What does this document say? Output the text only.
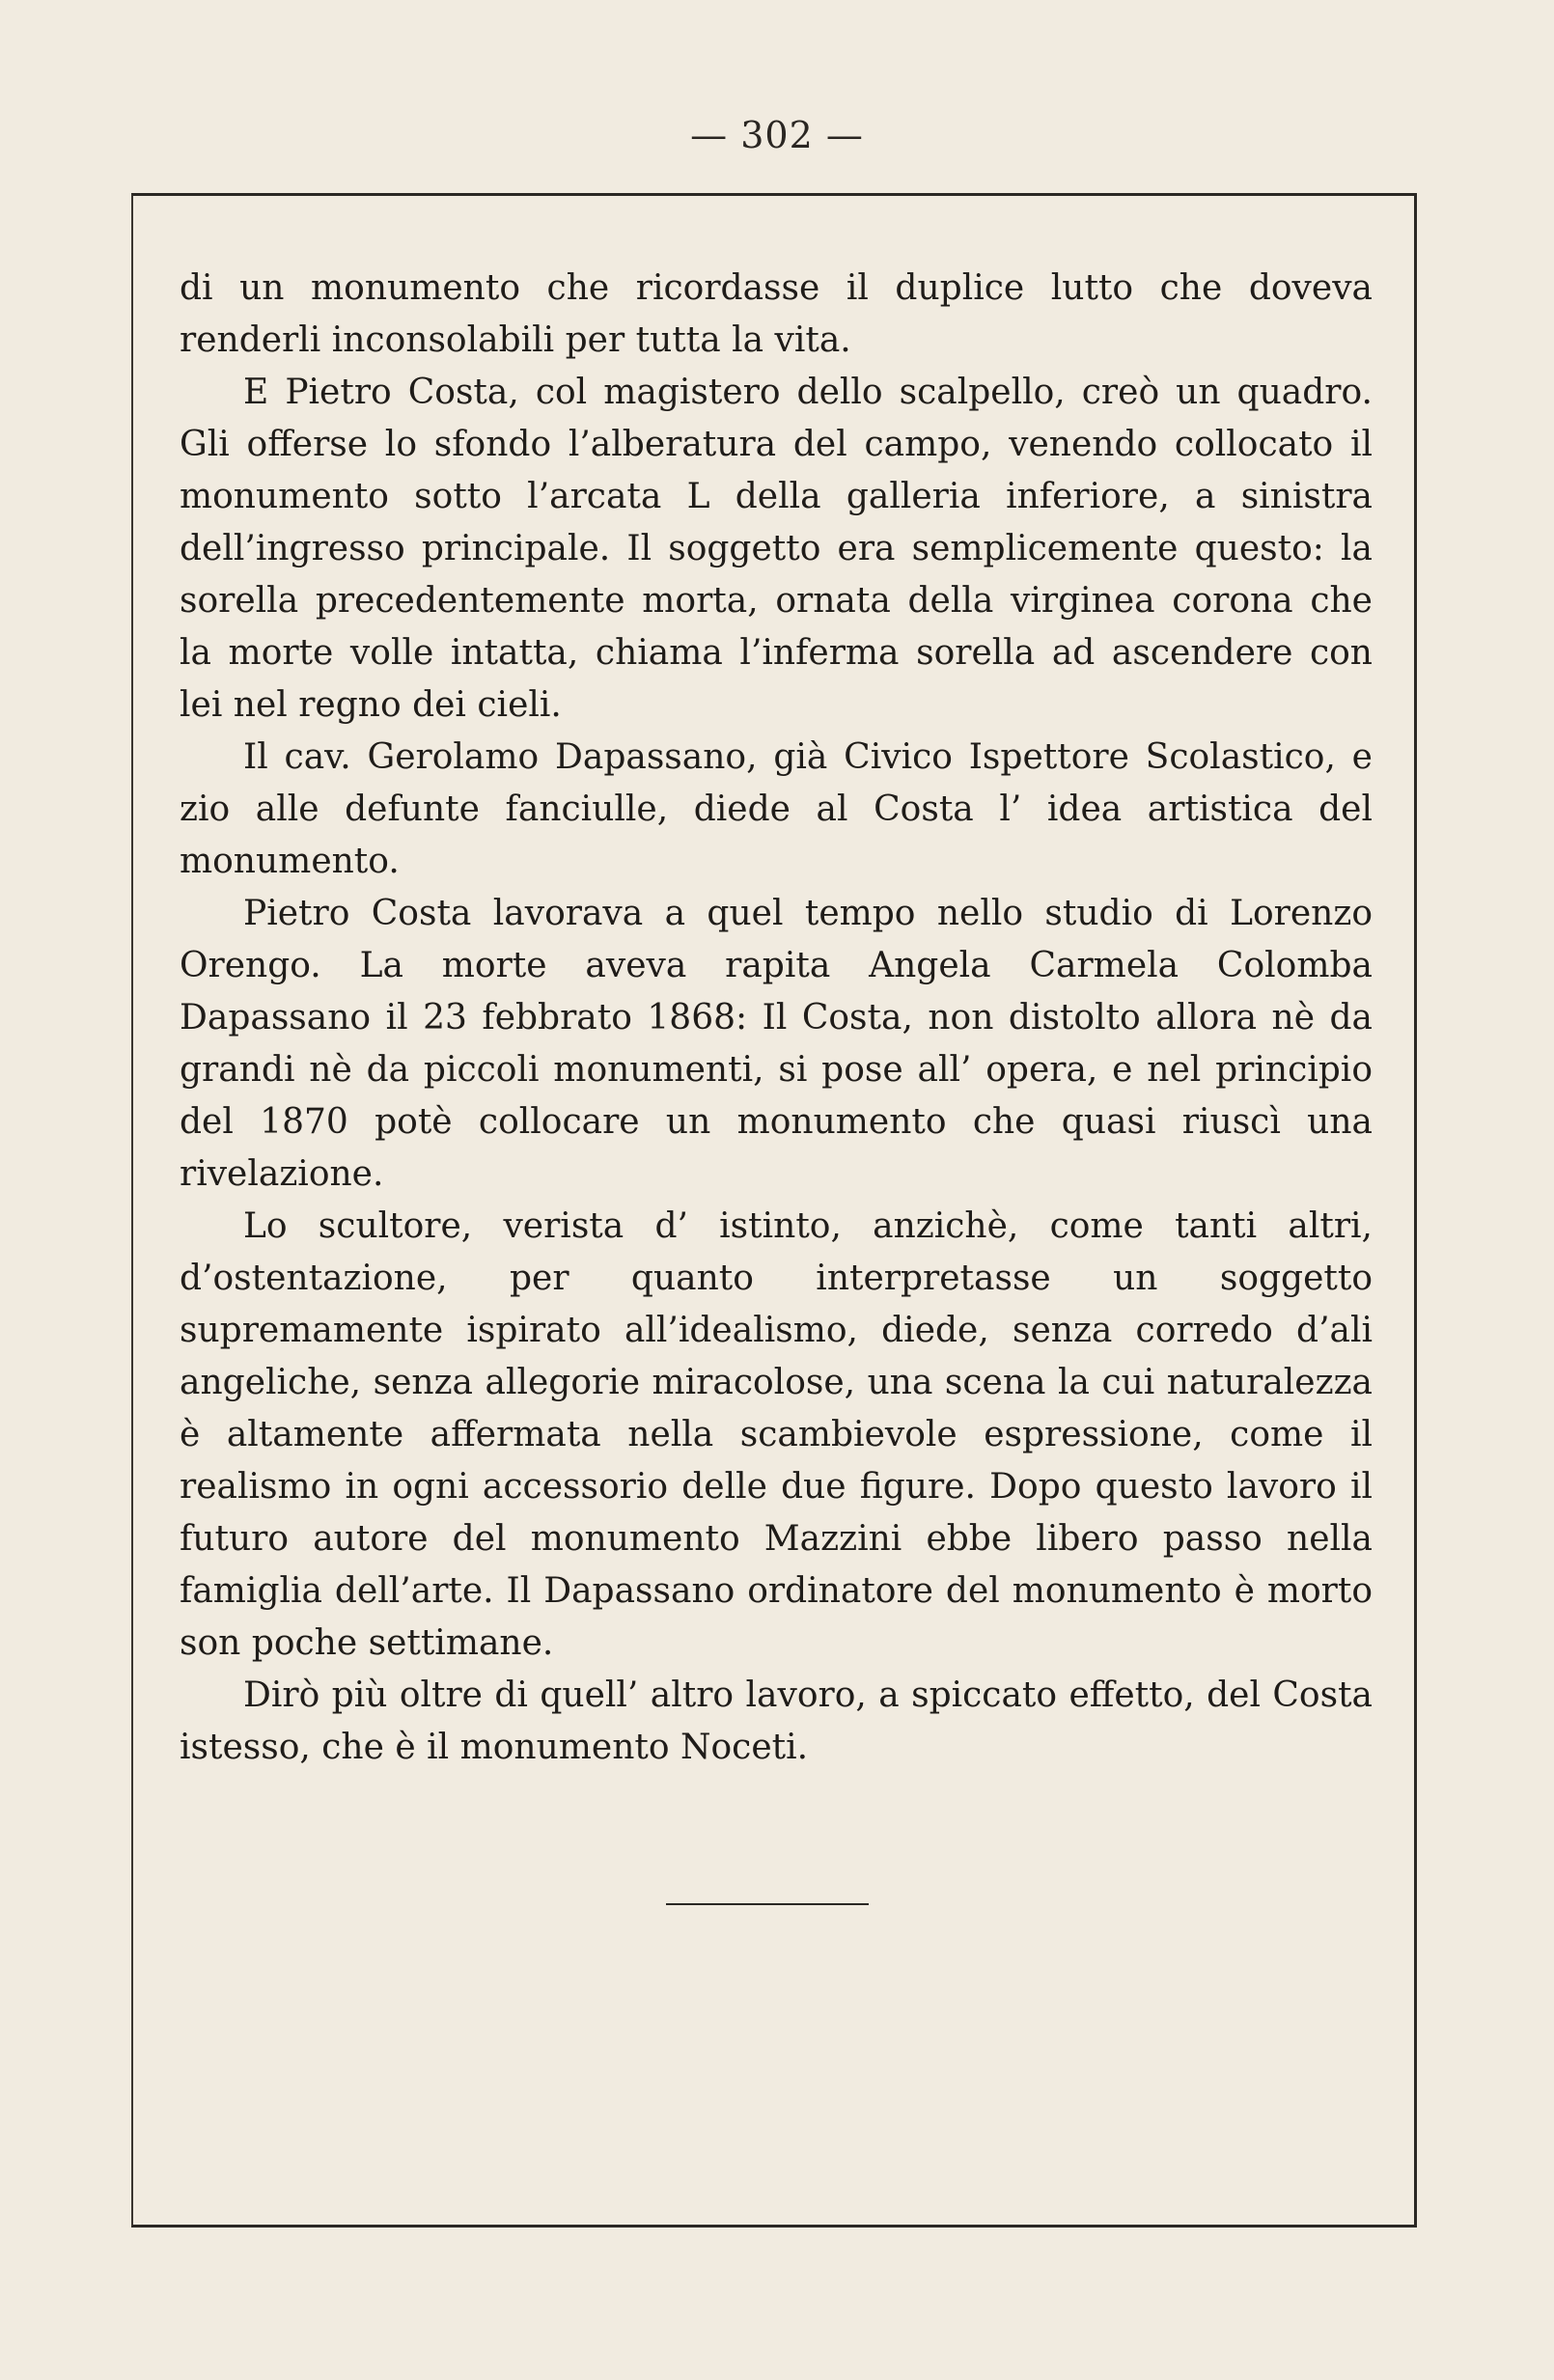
— 302 —

di un monumento che ricordasse il duplice lutto che doveva renderli inconsolabili per tutta la vita.

E Pietro Costa, col magistero dello scalpello, creò un quadro. Gli offerse lo sfondo l’alberatura del campo, venendo collocato il monumento sotto l’arcata L della galleria inferiore, a sinistra dell’ingresso principale. Il soggetto era semplicemente questo: la sorella precedentemente morta, ornata della virginea corona che la morte volle intatta, chiama l’inferma sorella ad ascendere con lei nel regno dei cieli.

Il cav. Gerolamo Dapassano, già Civico Ispettore Scolastico, e zio alle defunte fanciulle, diede al Costa l’ idea artistica del monumento.

Pietro Costa lavorava a quel tempo nello studio di Lorenzo Orengo. La morte aveva rapita Angela Carmela Colomba Dapassano il 23 febbrato 1868: Il Costa, non distolto allora nè da grandi nè da piccoli monumenti, si pose all’ opera, e nel principio del 1870 potè collocare un monumento che quasi riuscì una rivelazione.

Lo scultore, verista d’ istinto, anzichè, come tanti altri, d’ostentazione, per quanto interpretasse un soggetto supremamente ispirato all’idealismo, diede, senza corredo d’ali angeliche, senza allegorie miracolose, una scena la cui naturalezza è altamente affermata nella scambievole espressione, come il realismo in ogni accessorio delle due figure. Dopo questo lavoro il futuro autore del monumento Mazzini ebbe libero passo nella famiglia dell’arte. Il Dapassano ordinatore del monumento è morto son poche settimane.

Dirò più oltre di quell’ altro lavoro, a spiccato effetto, del Costa istesso, che è il monumento Noceti.
